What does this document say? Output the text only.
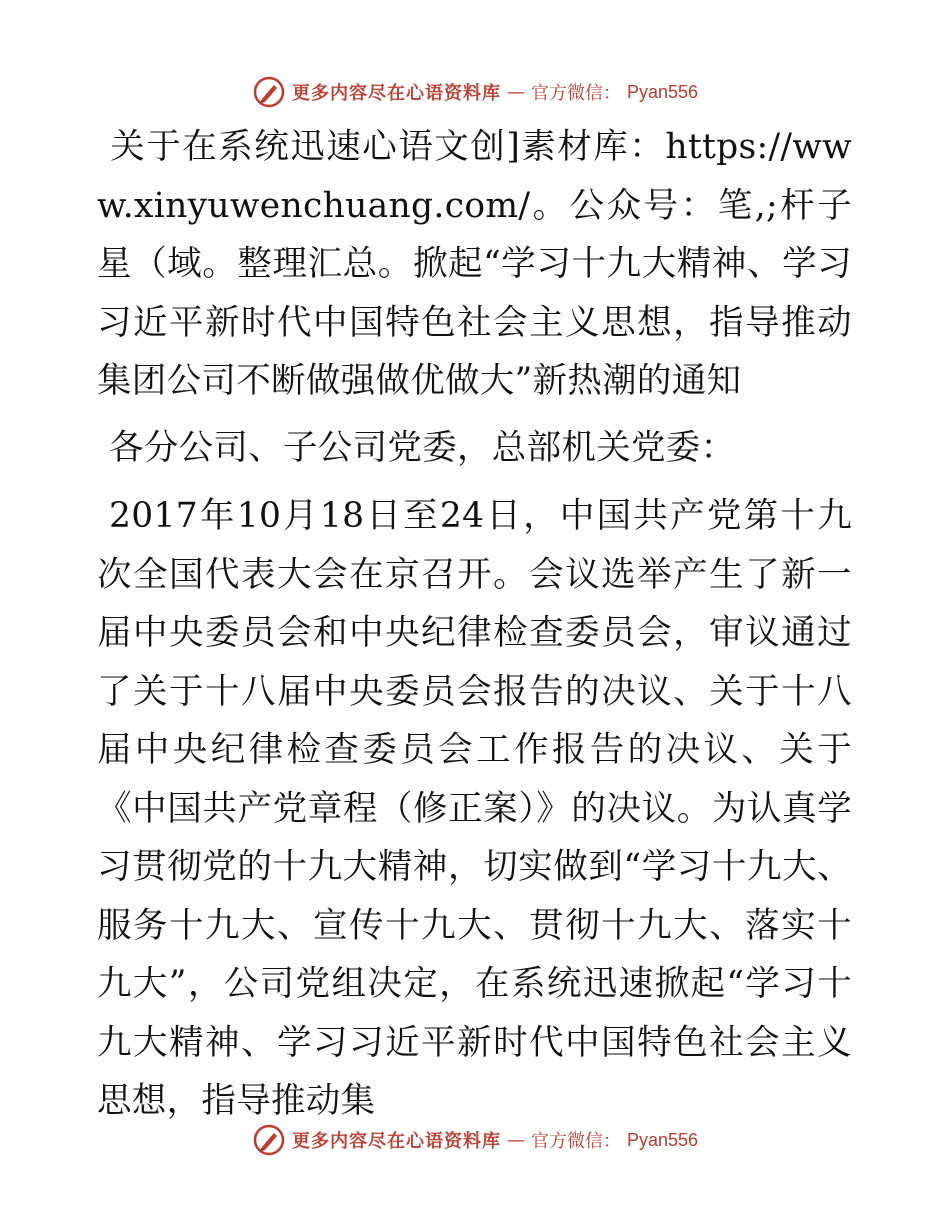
更多内容尽在心语资料库 — 官方微信： Pyan556

关于在系统迅速心语文创]素材库：https://www.xinyuwenchuang.com/。公众号：笔,;杆子星（域。整理汇总。掀起“学习十九大精神、学习习近平新时代中国特色社会主义思想，指导推动集团公司不断做强做优做大”新热潮的通知

各分公司、子公司党委，总部机关党委：

2017年10月18日至24日，中国共产党第十九次全国代表大会在京召开。会议选举产生了新一届中央委员会和中央纪律检查委员会，审议通过了关于十八届中央委员会报告的决议、关于十八届中央纪律检查委员会工作报告的决议、关于《中国共产党章程（修正案）》的决议。为认真学习贯彻党的十九大精神，切实做到“学习十九大、服务十九大、宣传十九大、贯彻十九大、落实十九大”，公司党组决定，在系统迅速掀起“学习十九大精神、学习习近平新时代中国特色社会主义思想，指导推动集

更多内容尽在心语资料库 — 官方微信： Pyan556
